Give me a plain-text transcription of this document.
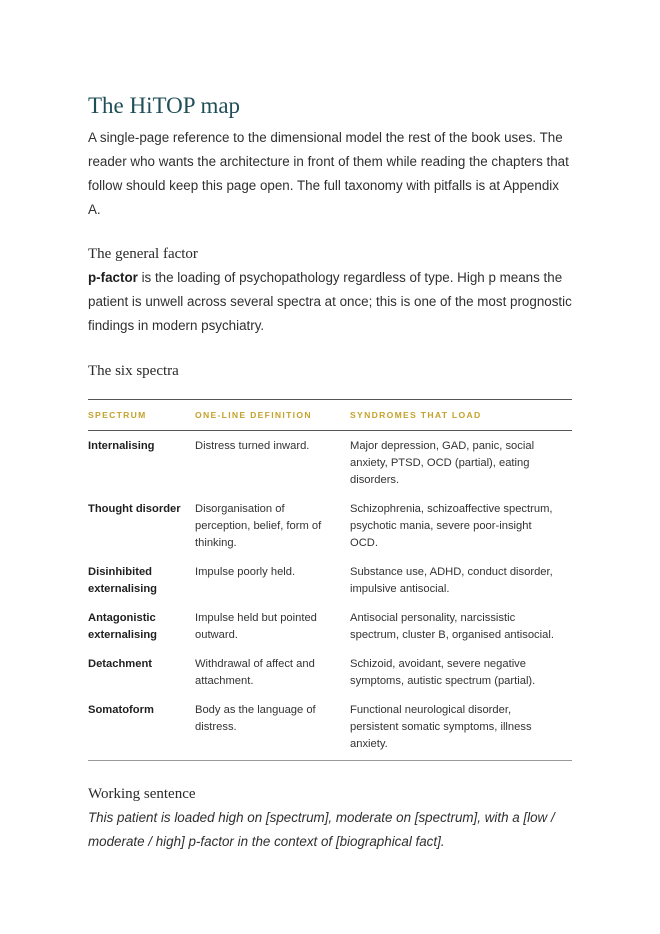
The HiTOP map

A single-page reference to the dimensional model the rest of the book uses. The reader who wants the architecture in front of them while reading the chapters that follow should keep this page open. The full taxonomy with pitfalls is at Appendix A.

The general factor

p-factor is the loading of psychopathology regardless of type. High p means the patient is unwell across several spectra at once; this is one of the most prognostic findings in modern psychiatry.

The six spectra
SPECTRUM	ONE-LINE DEFINITION	SYNDROMES THAT LOAD
Internalising	Distress turned inward.	Major depression, GAD, panic, social anxiety, PTSD, OCD (partial), eating disorders.
Thought disorder	Disorganisation of perception, belief, form of thinking.	Schizophrenia, schizoaffective spectrum, psychotic mania, severe poor-insight OCD.
Disinhibited externalising	Impulse poorly held.	Substance use, ADHD, conduct disorder, impulsive antisocial.
Antagonistic externalising	Impulse held but pointed outward.	Antisocial personality, narcissistic spectrum, cluster B, organised antisocial.
Detachment	Withdrawal of affect and attachment.	Schizoid, avoidant, severe negative symptoms, autistic spectrum (partial).
Somatoform	Body as the language of distress.	Functional neurological disorder, persistent somatic symptoms, illness anxiety.
Working sentence

This patient is loaded high on [spectrum], moderate on [spectrum], with a [low / moderate / high] p-factor in the context of [biographical fact].
